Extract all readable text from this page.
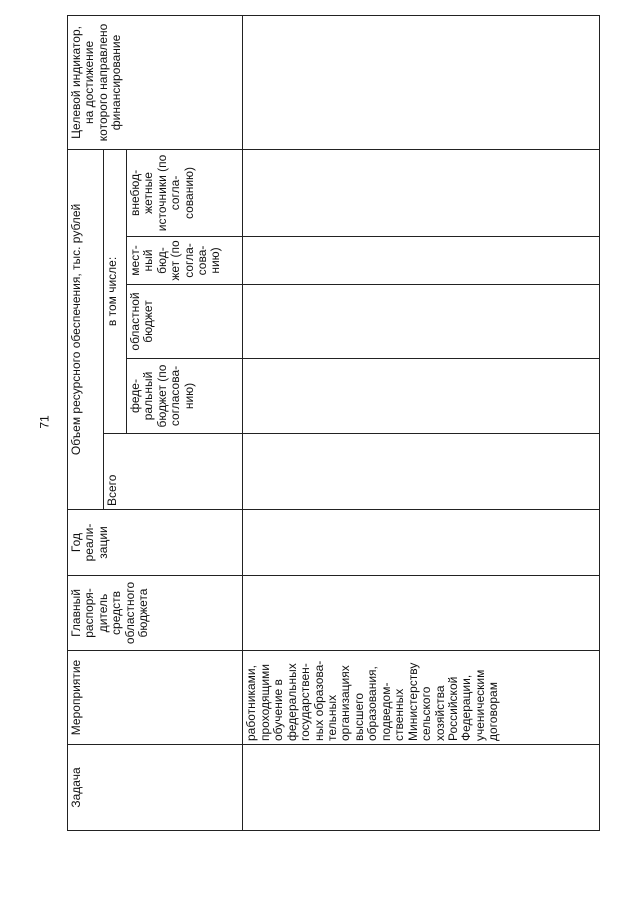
71
Задача	Мероприятие	Главный распоря-дитель средств областного бюджета	Год реали-зации	Объем ресурсного обеспечения, тыс. рублей					Целевой индикатор, на достижение которого направлено финансирование
				Всего	в том числе:				
					феде-ральный бюджет (по согласова-нию)	областной бюджет	мест-ный бюд-жет (по согла-сова-нию)	внебюд-жетные источники (по согла-сованию)	
	работниками, проходящими обучение в федеральных государствен-ных образова-тельных организациях высшего образования, подведом-ственных Министерству сельского хозяйства Российской Федерации, ученическим договорам								
